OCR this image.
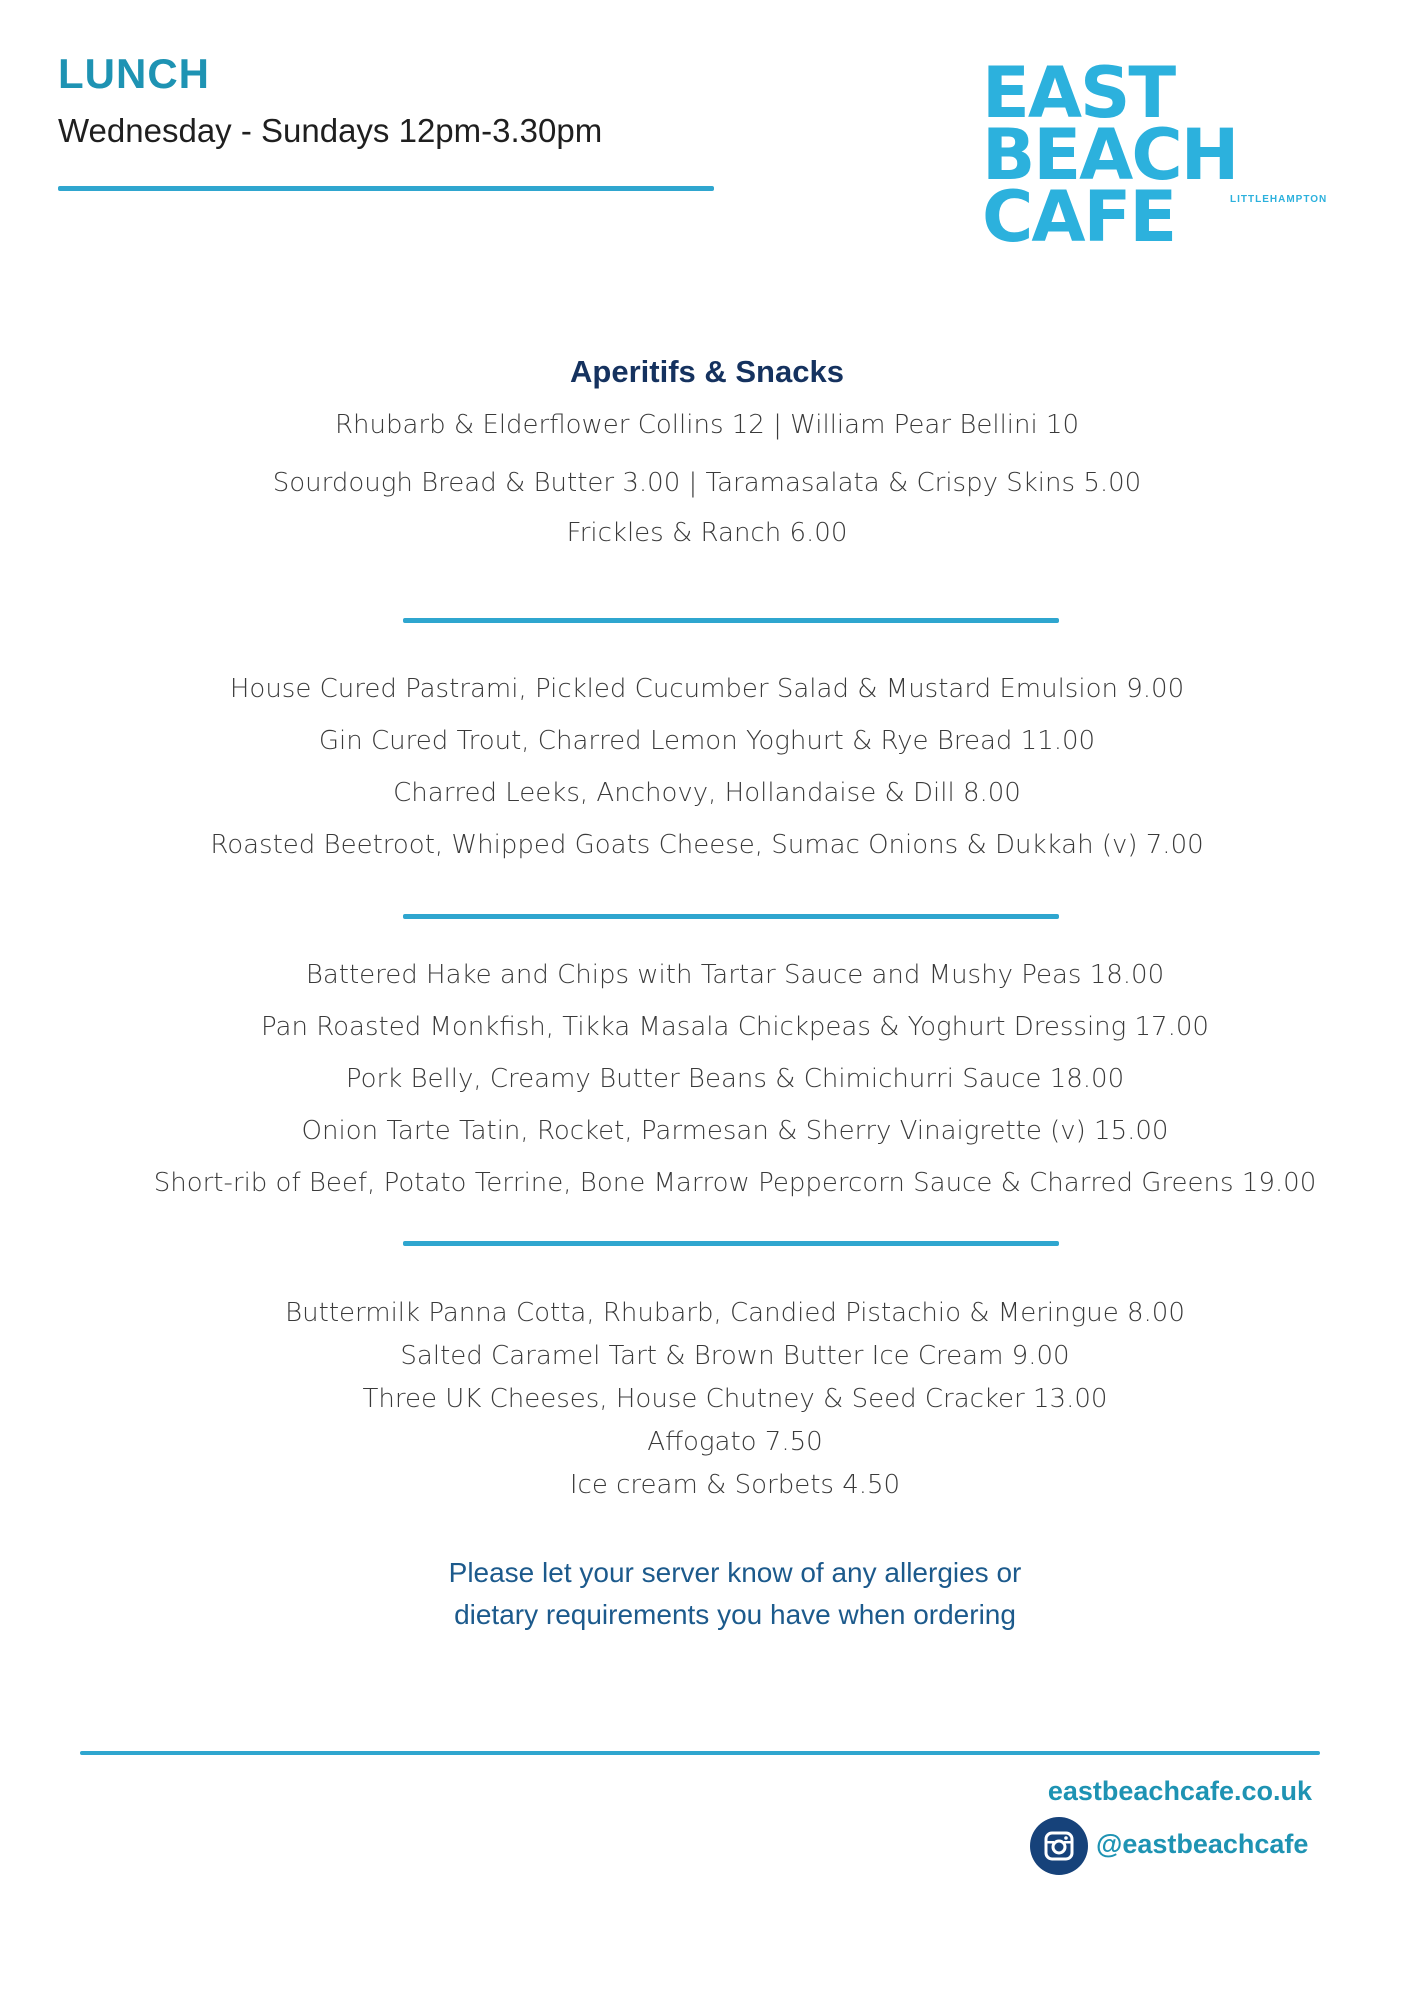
LUNCH

Wednesday - Sundays 12pm-3.30pm	EAST
BEACH
CAFE	LITTLEHAMPTON
Aperitifs & Snacks
Rhubarb & Elderflower Collins 12 | William Pear Bellini 10
Sourdough Bread & Butter 3.00 | Taramasalata & Crispy Skins 5.00
Frickles & Ranch 6.00
House Cured Pastrami, Pickled Cucumber Salad & Mustard Emulsion 9.00
Gin Cured Trout, Charred Lemon Yoghurt & Rye Bread 11.00
Charred Leeks, Anchovy, Hollandaise & Dill 8.00
Roasted Beetroot, Whipped Goats Cheese, Sumac Onions & Dukkah (v) 7.00
Battered Hake and Chips with Tartar Sauce and Mushy Peas 18.00
Pan Roasted Monkfish, Tikka Masala Chickpeas & Yoghurt Dressing 17.00
Pork Belly, Creamy Butter Beans & Chimichurri Sauce 18.00
Onion Tarte Tatin, Rocket, Parmesan & Sherry Vinaigrette (v) 15.00
Short-rib of Beef, Potato Terrine, Bone Marrow Peppercorn Sauce & Charred Greens 19.00
Buttermilk Panna Cotta, Rhubarb, Candied Pistachio & Meringue 8.00
Salted Caramel Tart & Brown Butter Ice Cream 9.00
Three UK Cheeses, House Chutney & Seed Cracker 13.00
Affogato 7.50
Ice cream & Sorbets 4.50
Please let your server know of any allergies or
dietary requirements you have when ordering
eastbeachcafe.co.uk
@eastbeachcafe
